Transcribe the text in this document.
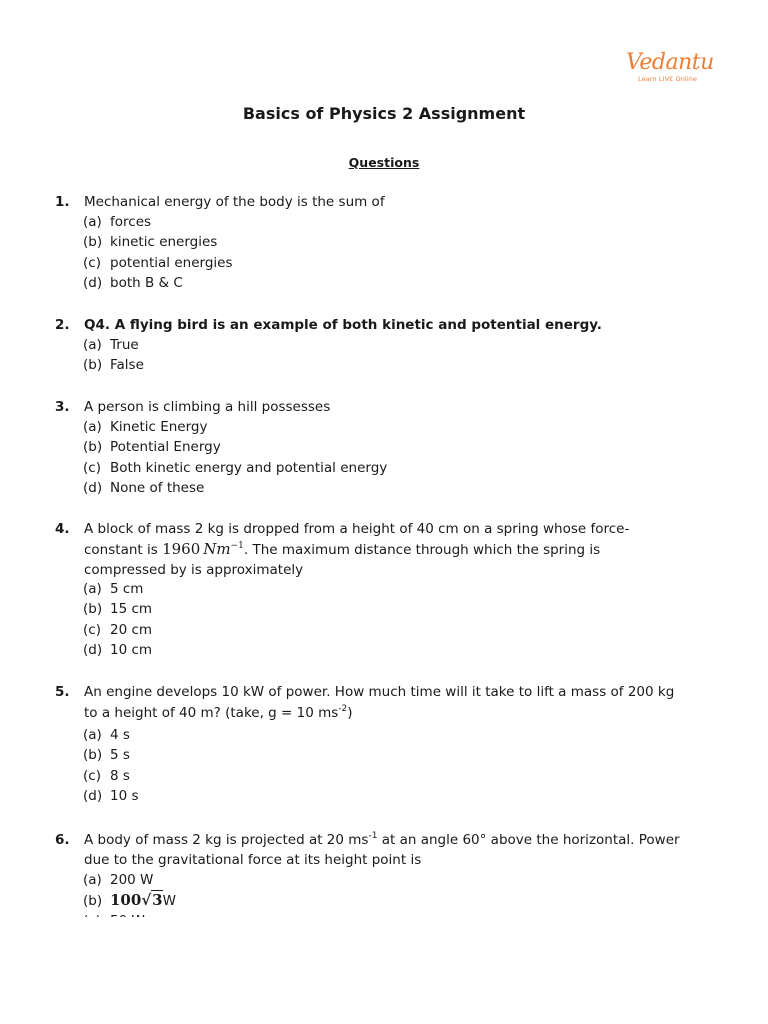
Vedantu
Learn LIVE Online
Basics of Physics 2 Assignment
Questions
1. Mechanical energy of the body is the sum of
(a) forces
(b) kinetic energies
(c) potential energies
(d) both B & C
2. Q4. A flying bird is an example of both kinetic and potential energy.
(a) True
(b) False
3. A person is climbing a hill possesses
(a) Kinetic Energy
(b) Potential Energy
(c) Both kinetic energy and potential energy
(d) None of these
4. A block of mass 2 kg is dropped from a height of 40 cm on a spring whose force-
constant is 1960  $Nm^{-1}$. The maximum distance through which the spring is
compressed by is approximately
(a) 5 cm
(b) 15 cm
(c) 20 cm
(d) 10 cm
5. An engine develops 10 kW of power. How much time will it take to lift a mass of 200 kg
to a height of 40 m? (take, g = 10 $ms^{-2}$)
(a) 4 s
(b) 5 s
(c) 8 s
(d) 10 s
6. A body of mass 2 kg is projected at 20 $ms^{-1}$ at an angle 60° above the horizontal. Power
due to the gravitational force at its height point is
(a) 200 W
(b) 100√3W
